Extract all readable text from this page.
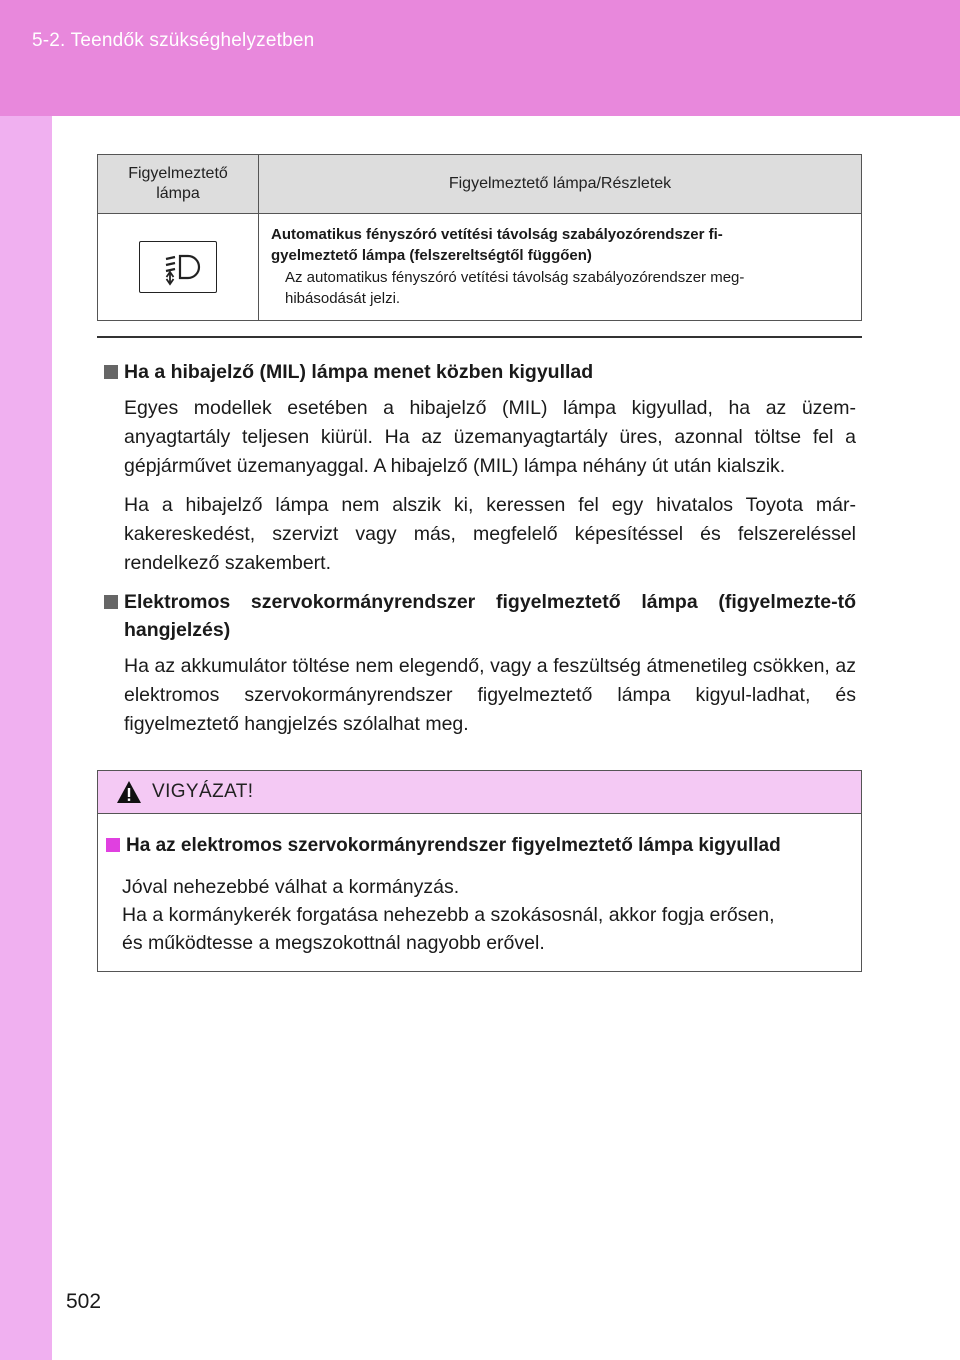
5-2. Teendők szükséghelyzetben
Figyelmeztető
lámpa	Figyelmeztető lámpa/Részletek

Automatikus fényszóró vetítési távolság szabályozórendszer fi-
gyelmeztető lámpa (felszereltségtől függően)
Az automatikus fényszóró vetítési távolság szabályozórendszer meg-
hibásodását jelzi.
Ha a hibajelző (MIL) lámpa menet közben kigyullad

Egyes modellek esetében a hibajelző (MIL) lámpa kigyullad, ha az üzem-anyagtartály teljesen kiürül. Ha az üzemanyagtartály üres, azonnal töltse fel a gépjárművet üzemanyaggal. A hibajelző (MIL) lámpa néhány út után kialszik.

Ha a hibajelző lámpa nem alszik ki, keressen fel egy hivatalos Toyota már-kakereskedést, szervizt vagy más, megfelelő képesítéssel és felszereléssel rendelkező szakembert.

Elektromos szervokormányrendszer figyelmeztető lámpa (figyelmezte-tő hangjelzés)

Ha az akkumulátor töltése nem elegendő, vagy a feszültség átmenetileg csökken, az elektromos szervokormányrendszer figyelmeztető lámpa kigyul-ladhat, és figyelmeztető hangjelzés szólalhat meg.

VIGYÁZAT!
Ha az elektromos szervokormányrendszer figyelmeztető lámpa kigyullad
Jóval nehezebbé válhat a kormányzás.
Ha a kormánykerék forgatása nehezebb a szokásosnál, akkor fogja erősen,
és működtesse a megszokottnál nagyobb erővel.
502
